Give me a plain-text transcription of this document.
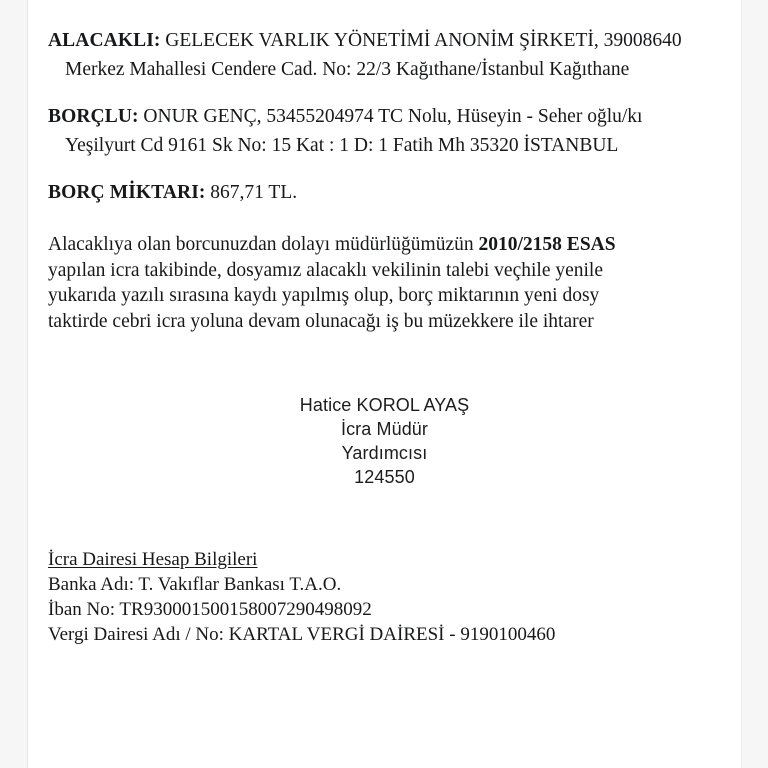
ALACAKLI: GELECEK VARLIK YÖNETİMİ ANONİM ŞİRKETİ, 39008640
Merkez Mahallesi Cendere Cad. No: 22/3 Kağıthane/İstanbul Kağıthane
BORÇLU: ONUR GENÇ, 53455204974 TC Nolu, Hüseyin - Seher oğlu/kı
Yeşilyurt Cd 9161 Sk No: 15 Kat : 1 D: 1 Fatih Mh 35320 İSTANBUL
BORÇ MİKTARI: 867,71 TL.
Alacaklıya olan borcunuzdan dolayı müdürlüğümüzün 2010/2158 ESAS
yapılan icra takibinde, dosyamız alacaklı vekilinin talebi veçhile yenile
yukarıda yazılı sırasına kaydı yapılmış olup, borç miktarının yeni dosy
taktirde cebri icra yoluna devam olunacağı iş bu müzekkere ile ihtarer
Hatice KOROL AYAŞ
İcra Müdür
Yardımcısı
124550
İcra Dairesi Hesap Bilgileri
Banka Adı: T. Vakıflar Bankası T.A.O.
İban No: TR930001500158007290498092
Vergi Dairesi Adı / No: KARTAL VERGİ DAİRESİ - 9190100460
